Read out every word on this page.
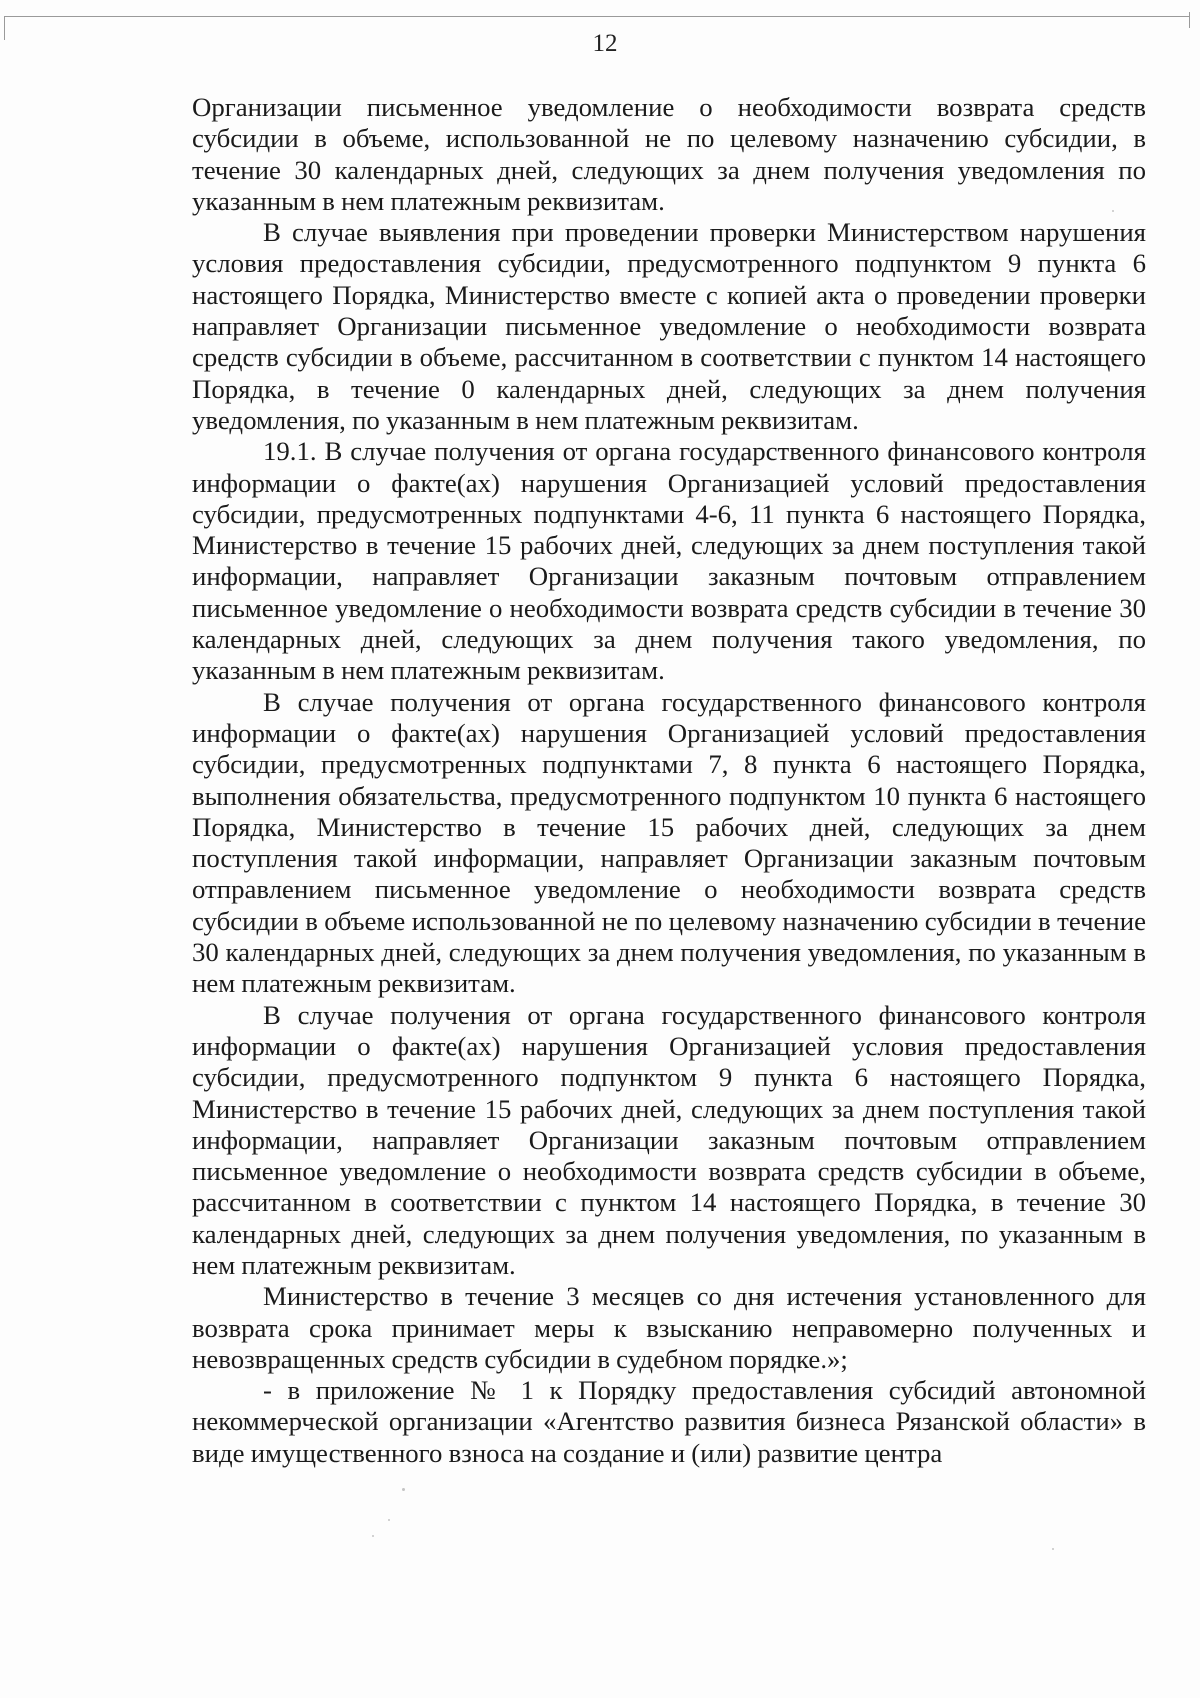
12

Организации письменное уведомление о необходимости возврата средств субсидии в объеме, использованной не по целевому назначению субсидии, в течение 30 календарных дней, следующих за днем получения уведомления по указанным в нем платежным реквизитам.

В случае выявления при проведении проверки Министерством нарушения условия предоставления субсидии, предусмотренного подпунктом 9 пункта 6 настоящего Порядка, Министерство вместе с копией акта о проведении проверки направляет Организации письменное уведомление о необходимости возврата средств субсидии в объеме, рассчитанном в соответствии с пунктом 14 настоящего Порядка, в течение 0 календарных дней, следующих за днем получения уведомления, по указанным в нем платежным реквизитам.

19.1. В случае получения от органа государственного финансового контроля информации о факте(ах) нарушения Организацией условий предоставления субсидии, предусмотренных подпунктами 4-6, 11 пункта 6 настоящего Порядка, Министерство в течение 15 рабочих дней, следующих за днем поступления такой информации, направляет Организации заказным почтовым отправлением письменное уведомление о необходимости возврата средств субсидии в течение 30 календарных дней, следующих за днем получения такого уведомления, по указанным в нем платежным реквизитам.

В случае получения от органа государственного финансового контроля информации о факте(ах) нарушения Организацией условий предоставления субсидии, предусмотренных подпунктами 7, 8 пункта 6 настоящего Порядка, выполнения обязательства, предусмотренного подпунктом 10 пункта 6 настоящего Порядка, Министерство в течение 15 рабочих дней, следующих за днем поступления такой информации, направляет Организации заказным почтовым отправлением письменное уведомление о необходимости возврата средств субсидии в объеме использованной не по целевому назначению субсидии в течение 30 календарных дней, следующих за днем получения уведомления, по указанным в нем платежным реквизитам.

В случае получения от органа государственного финансового контроля информации о факте(ах) нарушения Организацией условия предоставления субсидии, предусмотренного подпунктом 9 пункта 6 настоящего Порядка, Министерство в течение 15 рабочих дней, следующих за днем поступления такой информации, направляет Организации заказным почтовым отправлением письменное уведомление о необходимости возврата средств субсидии в объеме, рассчитанном в соответствии с пунктом 14 настоящего Порядка, в течение 30 календарных дней, следующих за днем получения уведомления, по указанным в нем платежным реквизитам.

Министерство в течение 3 месяцев со дня истечения установленного для возврата срока принимает меры к взысканию неправомерно полученных и невозвращенных средств субсидии в судебном порядке.»;

- в приложение № 1 к Порядку предоставления субсидий автономной некоммерческой организации «Агентство развития бизнеса Рязанской области» в виде имущественного взноса на создание и (или) развитие центра
